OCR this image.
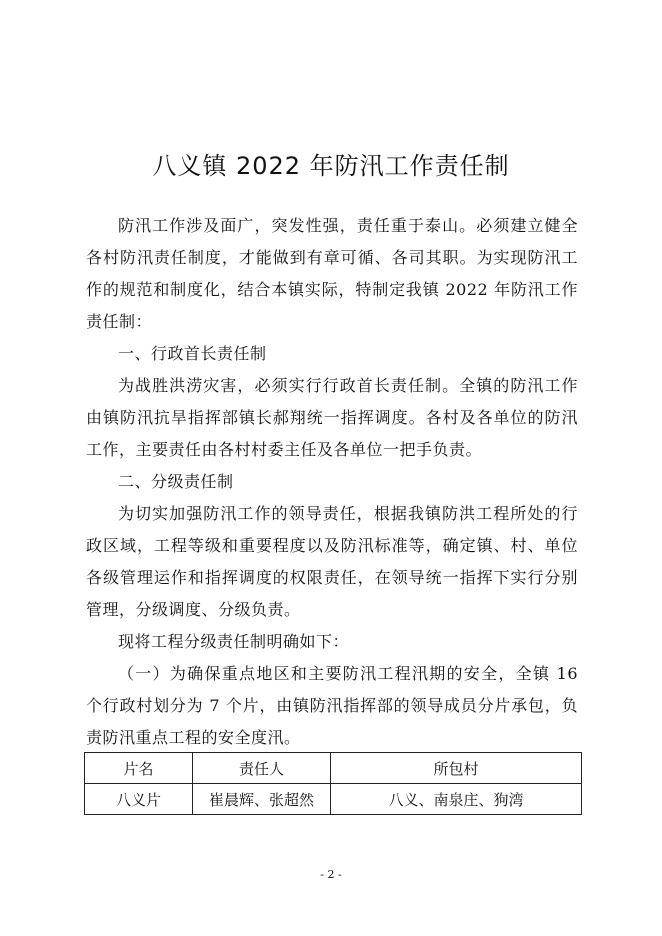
八义镇 2022 年防汛工作责任制

防汛工作涉及面广，突发性强，责任重于泰山。必须建立健全各村防汛责任制度，才能做到有章可循、各司其职。为实现防汛工作的规范和制度化，结合本镇实际，特制定我镇 2022 年防汛工作责任制：

一、行政首长责任制

为战胜洪涝灾害，必须实行行政首长责任制。全镇的防汛工作由镇防汛抗旱指挥部镇长郝翔统一指挥调度。各村及各单位的防汛工作，主要责任由各村村委主任及各单位一把手负责。

二、分级责任制

为切实加强防汛工作的领导责任，根据我镇防洪工程所处的行政区域，工程等级和重要程度以及防汛标准等，确定镇、村、单位各级管理运作和指挥调度的权限责任，在领导统一指挥下实行分别管理，分级调度、分级负责。

现将工程分级责任制明确如下：

（一）为确保重点地区和主要防汛工程汛期的安全，全镇 16 个行政村划分为 7 个片，由镇防汛指挥部的领导成员分片承包，负责防汛重点工程的安全度汛。

片名	责任人	所包村
八义片	崔晨辉、张超然	八义、南泉庄、狗湾
- 2 -
